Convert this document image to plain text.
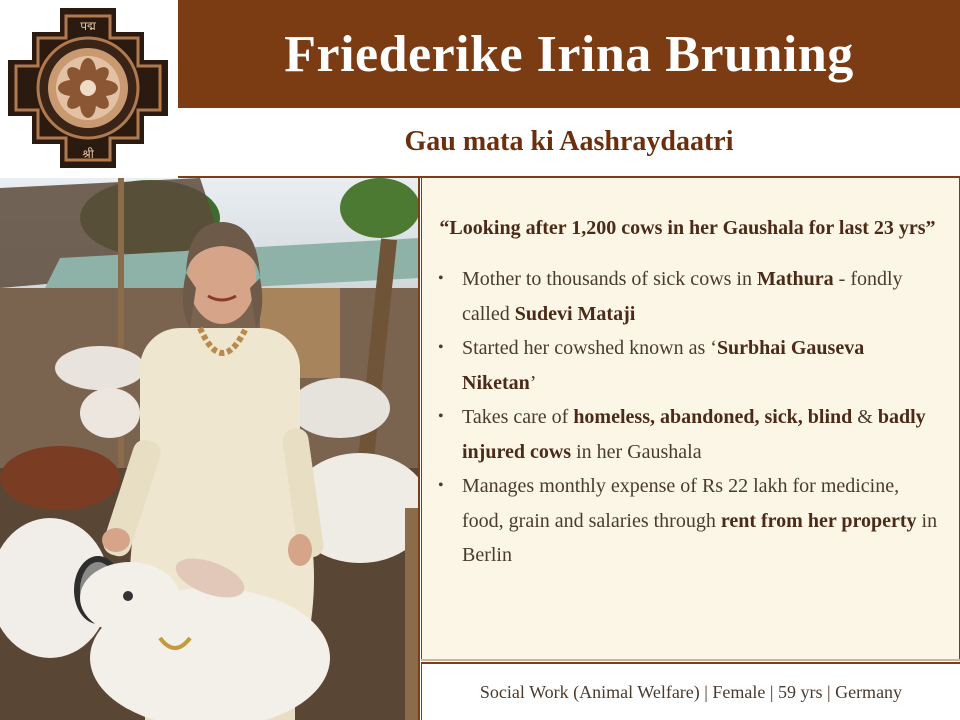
पद्म
श्री
Friederike Irina Bruning
Gau mata ki Aashraydaatri

“Looking after 1,200 cows in her Gaushala for last 23 yrs”

• Mother to thousands of sick cows in Mathura - fondly called Sudevi Mataji
• Started her cowshed known as ‘Surbhai Gauseva Niketan’
• Takes care of homeless, abandoned, sick, blind & badly injured cows in her Gaushala
• Manages monthly expense of Rs 22 lakh for medicine, food, grain and salaries through rent from her property in Berlin
Social Work (Animal Welfare) | Female | 59 yrs | Germany
